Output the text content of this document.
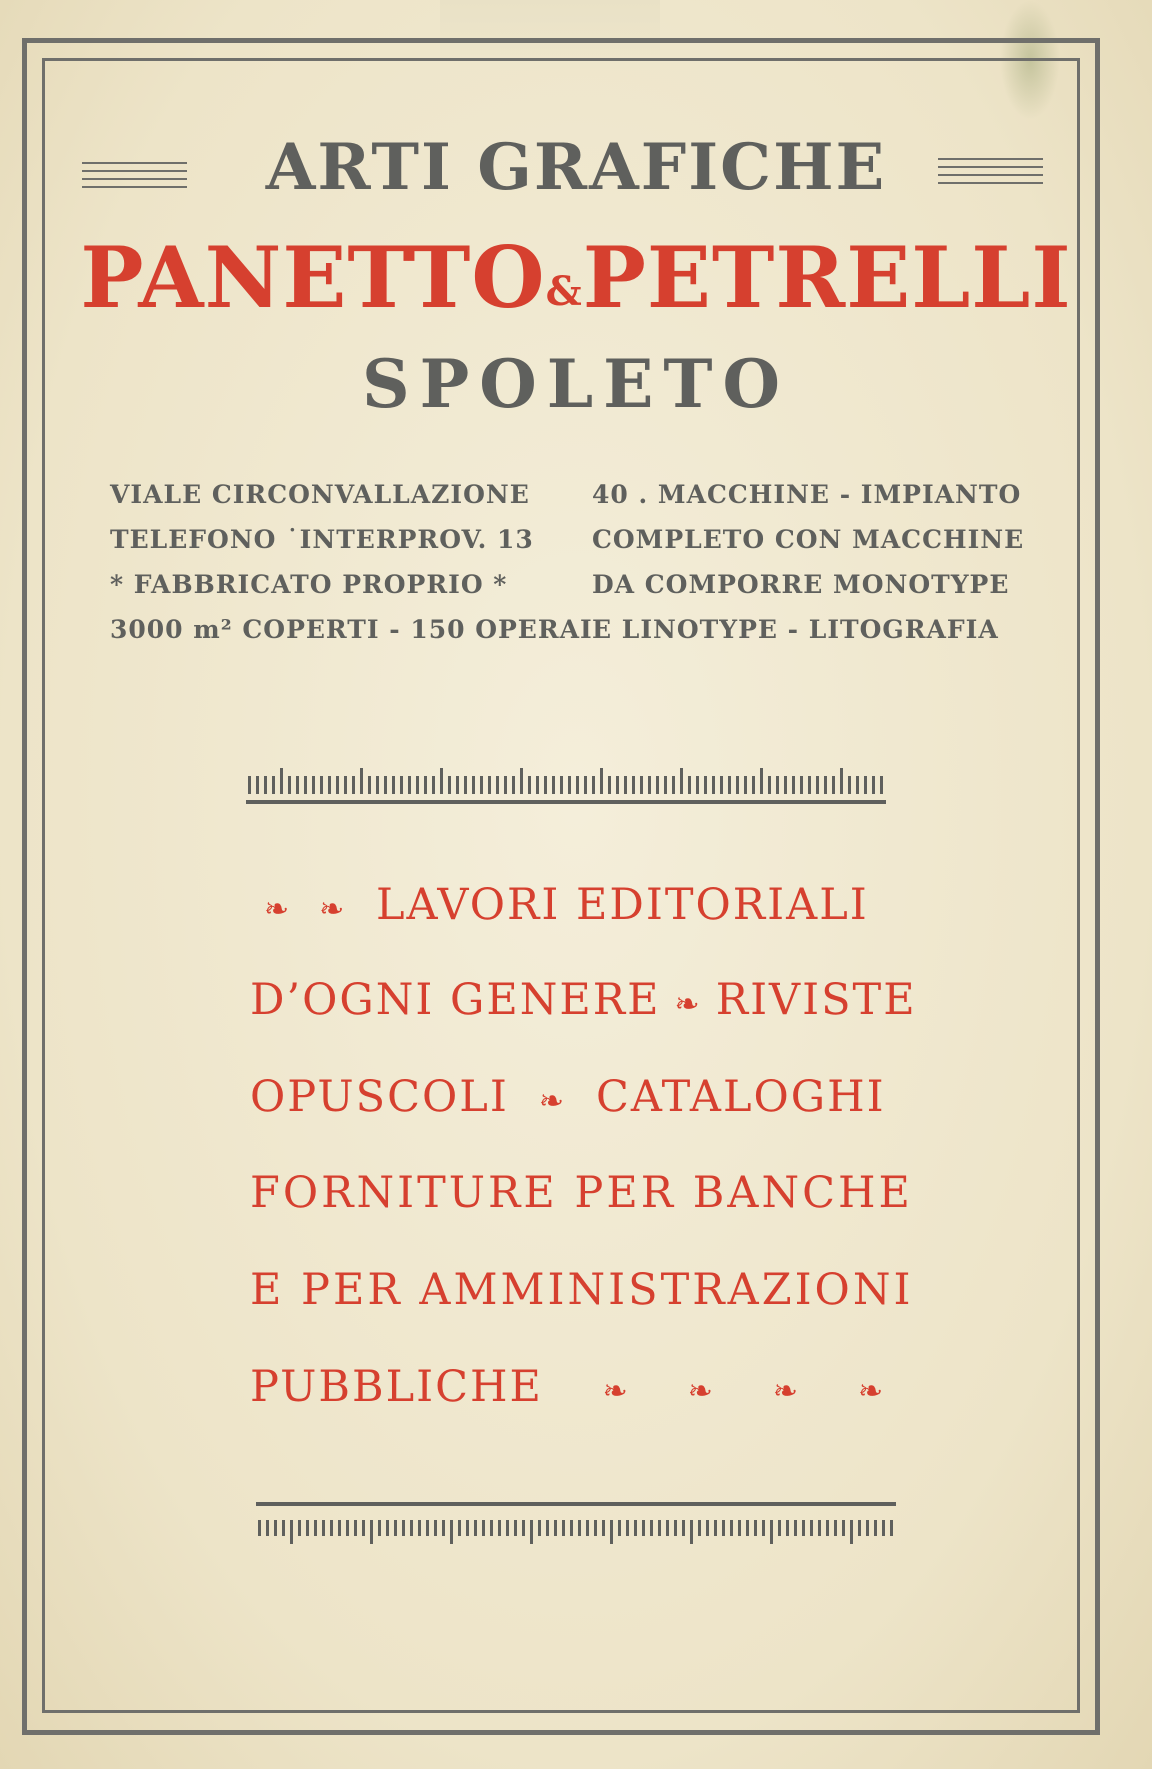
ARTI GRAFICHE
PANETTO&PETRELLI
SPOLETO
VIALE CIRCONVALLAZIONE
TELEFONO ˙INTERPROV. 13
* FABBRICATO PROPRIO *
3000 m² COPERTI - 150 OPERAI
40 . MACCHINE - IMPIANTO
COMPLETO CON MACCHINE
DA COMPORRE MONOTYPE
E LINOTYPE - LITOGRAFIA
❧ ❧ LAVORI EDITORIALI
D’OGNI GENERE ❧ RIVISTE
OPUSCOLI ❧ CATALOGHI
FORNITURE PER BANCHE
E PER AMMINISTRAZIONI
PUBBLICHE ❧ ❧ ❧ ❧
